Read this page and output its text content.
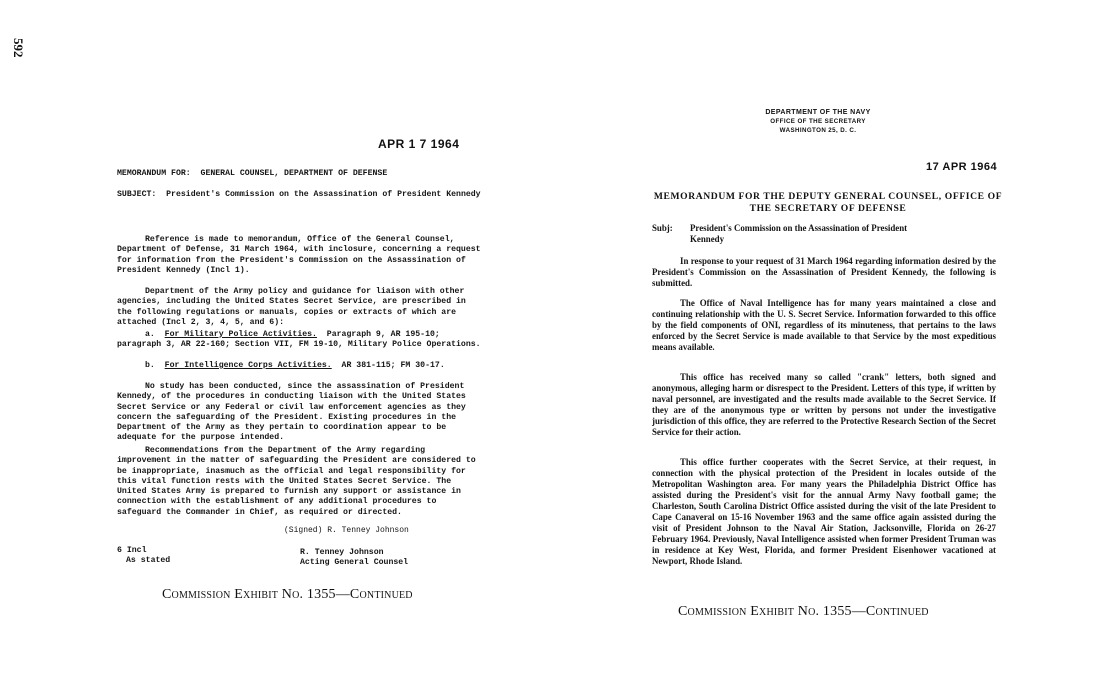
592
APR 1 7 1964
MEMORANDUM FOR: GENERAL COUNSEL, DEPARTMENT OF DEFENSE
SUBJECT: President's Commission on the Assassination of President Kennedy

Reference is made to memorandum, Office of the General Counsel, Department of Defense, 31 March 1964, with inclosure, concerning a request for information from the President's Commission on the Assassination of President Kennedy (Incl 1).

Department of the Army policy and guidance for liaison with other agencies, including the United States Secret Service, are prescribed in the following regulations or manuals, copies or extracts of which are attached (Incl 2, 3, 4, 5, and 6):

a. For Military Police Activities. Paragraph 9, AR 195-10; paragraph 3, AR 22-160; Section VII, FM 19-10, Military Police Operations.

b. For Intelligence Corps Activities. AR 381-115; FM 30-17.

No study has been conducted, since the assassination of President Kennedy, of the procedures in conducting liaison with the United States Secret Service or any Federal or civil law enforcement agencies as they concern the safeguarding of the President. Existing procedures in the Department of the Army as they pertain to coordination appear to be adequate for the purpose intended.

Recommendations from the Department of the Army regarding improvement in the matter of safeguarding the President are considered to be inappropriate, inasmuch as the official and legal responsibility for this vital function rests with the United States Secret Service. The United States Army is prepared to furnish any support or assistance in connection with the establishment of any additional procedures to safeguard the Commander in Chief, as required or directed.

(Signed) R. Tenney Johnson
6 Incl
As stated
R. Tenney Johnson
Acting General Counsel
Commission Exhibit No. 1355—Continued
DEPARTMENT OF THE NAVY
OFFICE OF THE SECRETARY
WASHINGTON 25, D. C.
17 APR 1964
MEMORANDUM FOR THE DEPUTY GENERAL COUNSEL, OFFICE OF
THE SECRETARY OF DEFENSE
Subj:	President's Commission on the Assassination of President Kennedy

In response to your request of 31 March 1964 regarding information desired by the President's Commission on the Assassination of President Kennedy, the following is submitted.

The Office of Naval Intelligence has for many years maintained a close and continuing relationship with the U. S. Secret Service. Information forwarded to this office by the field components of ONI, regardless of its minuteness, that pertains to the laws enforced by the Secret Service is made available to that Service by the most expeditious means available.

This office has received many so called "crank" letters, both signed and anonymous, alleging harm or disrespect to the President. Letters of this type, if written by naval personnel, are investigated and the results made available to the Secret Service. If they are of the anonymous type or written by persons not under the investigative jurisdiction of this office, they are referred to the Protective Research Section of the Secret Service for their action.

This office further cooperates with the Secret Service, at their request, in connection with the physical protection of the President in locales outside of the Metropolitan Washington area. For many years the Philadelphia District Office has assisted during the President's visit for the annual Army Navy football game; the Charleston, South Carolina District Office assisted during the visit of the late President to Cape Canaveral on 15-16 November 1963 and the same office again assisted during the visit of President Johnson to the Naval Air Station, Jacksonville, Florida on 26-27 February 1964. Previously, Naval Intelligence assisted when former President Truman was in residence at Key West, Florida, and former President Eisenhower vacationed at Newport, Rhode Island.

Commission Exhibit No. 1355—Continued
